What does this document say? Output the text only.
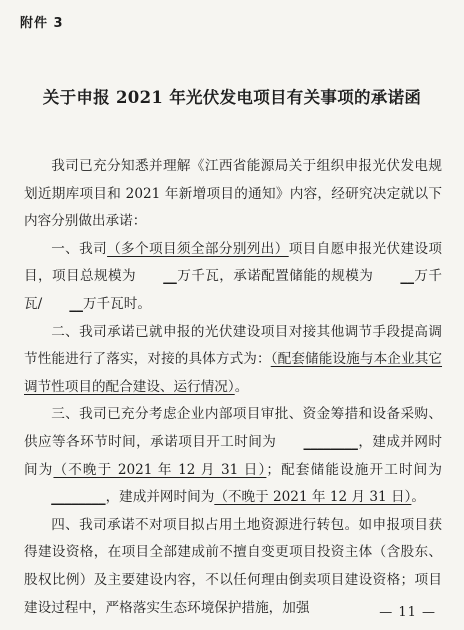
附件 3
关于申报 2021 年光伏发电项目有关事项的承诺函

我司已充分知悉并理解《江西省能源局关于组织申报光伏发电规划近期库项目和 2021 年新增项目的通知》内容，经研究决定就以下内容分别做出承诺：

一、我司（多个项目须全部分别列出）项目自愿申报光伏建设项目，项目总规模为 __万千瓦，承诺配置储能的规模为 __万千瓦/ __万千瓦时。

二、我司承诺已就申报的光伏建设项目对接其他调节手段提高调节性能进行了落实，对接的具体方式为：（配套储能设施与本企业其它调节性项目的配合建设、运行情况）。

三、我司已充分考虑企业内部项目审批、资金筹措和设备采购、供应等各环节时间，承诺项目开工时间为 ________，建成并网时间为（不晚于 2021 年 12 月 31 日）；配套储能设施开工时间为________，建成并网时间为（不晚于 2021 年 12 月 31 日）。

四、我司承诺不对项目拟占用土地资源进行转包。如申报项目获得建设资格，在项目全部建成前不擅自变更项目投资主体（含股东、股权比例）及主要建设内容，不以任何理由倒卖项目建设资格；项目建设过程中，严格落实生态环境保护措施，加强	— 11 —
